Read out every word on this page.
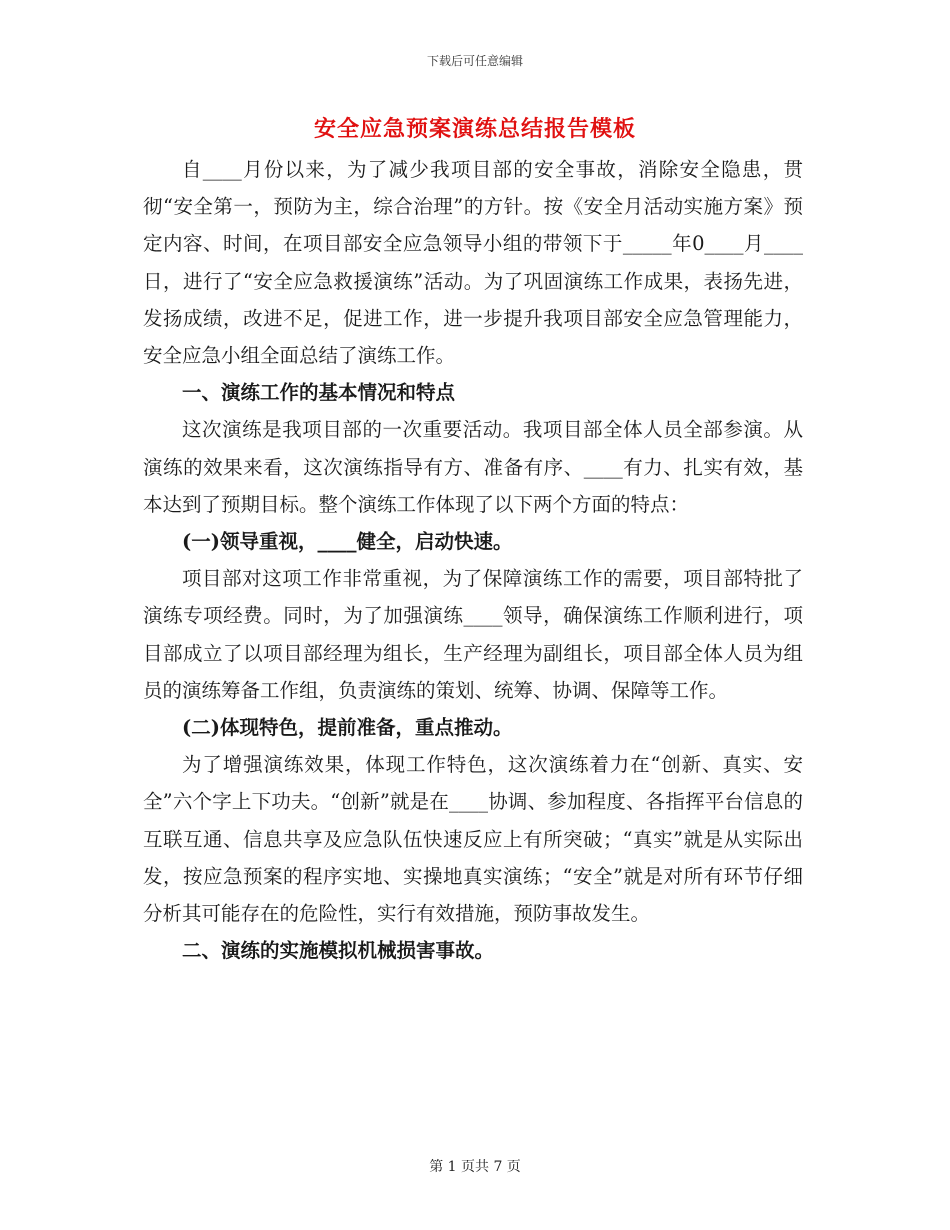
下载后可任意编辑
安全应急预案演练总结报告模板

自____月份以来，为了减少我项目部的安全事故，消除安全隐患，贯彻“安全第一，预防为主，综合治理”的方针。按《安全月活动实施方案》预定内容、时间，在项目部安全应急领导小组的带领下于_____年0____月____日，进行了“安全应急救援演练”活动。为了巩固演练工作成果，表扬先进，发扬成绩，改进不足，促进工作，进一步提升我项目部安全应急管理能力，安全应急小组全面总结了演练工作。

一、演练工作的基本情况和特点

这次演练是我项目部的一次重要活动。我项目部全体人员全部参演。从演练的效果来看，这次演练指导有方、准备有序、____有力、扎实有效，基本达到了预期目标。整个演练工作体现了以下两个方面的特点：

(一)领导重视，____健全，启动快速。

项目部对这项工作非常重视，为了保障演练工作的需要，项目部特批了演练专项经费。同时，为了加强演练____领导，确保演练工作顺利进行，项目部成立了以项目部经理为组长，生产经理为副组长，项目部全体人员为组员的演练筹备工作组，负责演练的策划、统筹、协调、保障等工作。

(二)体现特色，提前准备，重点推动。

为了增强演练效果，体现工作特色，这次演练着力在“创新、真实、安全”六个字上下功夫。“创新”就是在____协调、参加程度、各指挥平台信息的互联互通、信息共享及应急队伍快速反应上有所突破；“真实”就是从实际出发，按应急预案的程序实地、实操地真实演练；“安全”就是对所有环节仔细分析其可能存在的危险性，实行有效措施，预防事故发生。

二、演练的实施模拟机械损害事故。

第 1 页共 7 页
